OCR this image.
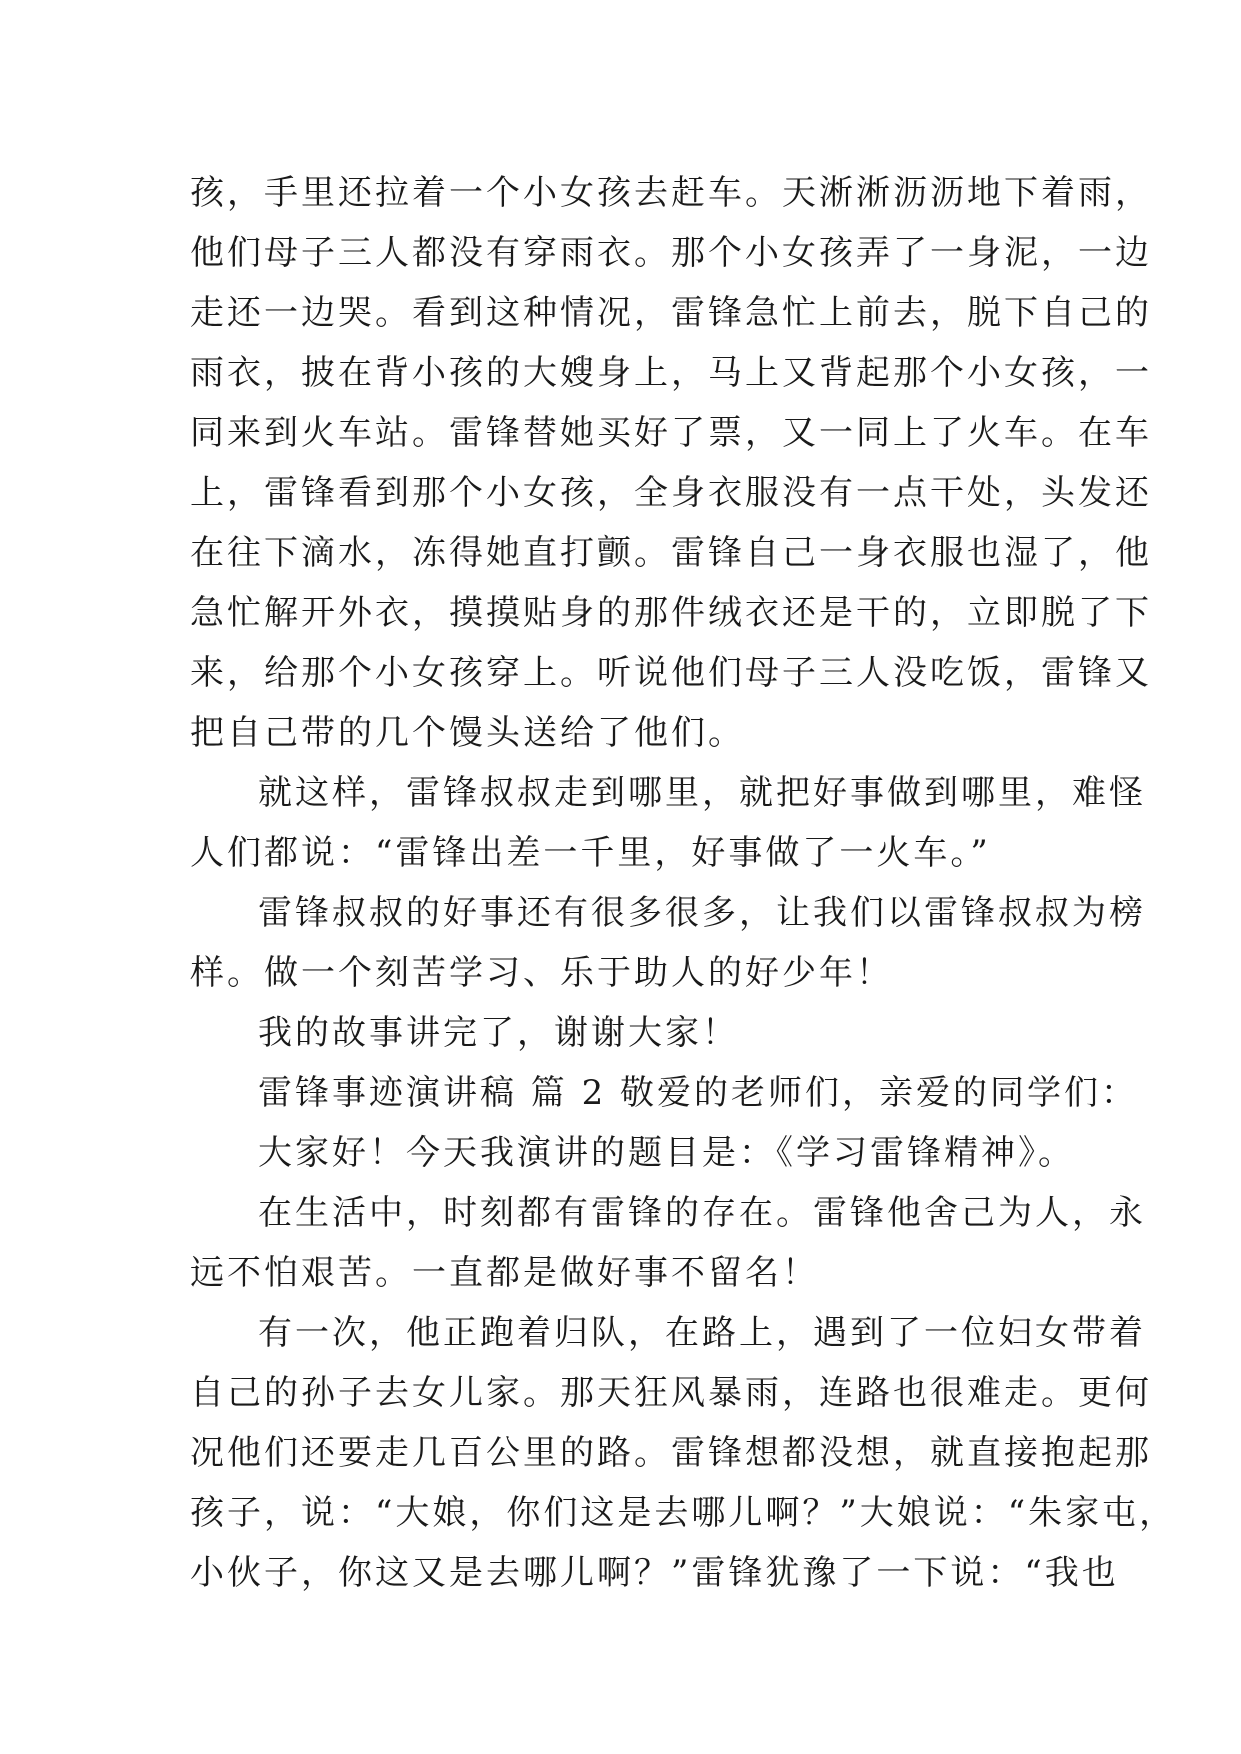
孩，手里还拉着一个小女孩去赶车。天淅淅沥沥地下着雨，
他们母子三人都没有穿雨衣。那个小女孩弄了一身泥，一边
走还一边哭。看到这种情况，雷锋急忙上前去，脱下自己的
雨衣，披在背小孩的大嫂身上，马上又背起那个小女孩，一
同来到火车站。雷锋替她买好了票，又一同上了火车。在车
上，雷锋看到那个小女孩，全身衣服没有一点干处，头发还
在往下滴水，冻得她直打颤。雷锋自己一身衣服也湿了，他
急忙解开外衣，摸摸贴身的那件绒衣还是干的，立即脱了下
来，给那个小女孩穿上。听说他们母子三人没吃饭，雷锋又
把自己带的几个馒头送给了他们。
就这样，雷锋叔叔走到哪里，就把好事做到哪里，难怪
人们都说：“雷锋出差一千里，好事做了一火车。”
雷锋叔叔的好事还有很多很多，让我们以雷锋叔叔为榜
样。做一个刻苦学习、乐于助人的好少年！
我的故事讲完了，谢谢大家！
雷锋事迹演讲稿 篇 2 敬爱的老师们，亲爱的同学们：
大家好！今天我演讲的题目是：《学习雷锋精神》。
在生活中，时刻都有雷锋的存在。雷锋他舍己为人，永
远不怕艰苦。一直都是做好事不留名！
有一次，他正跑着归队，在路上，遇到了一位妇女带着
自己的孙子去女儿家。那天狂风暴雨，连路也很难走。更何
况他们还要走几百公里的路。雷锋想都没想，就直接抱起那
孩子，说：“大娘，你们这是去哪儿啊？”大娘说：“朱家屯，
小伙子，你这又是去哪儿啊？”雷锋犹豫了一下说：“我也
